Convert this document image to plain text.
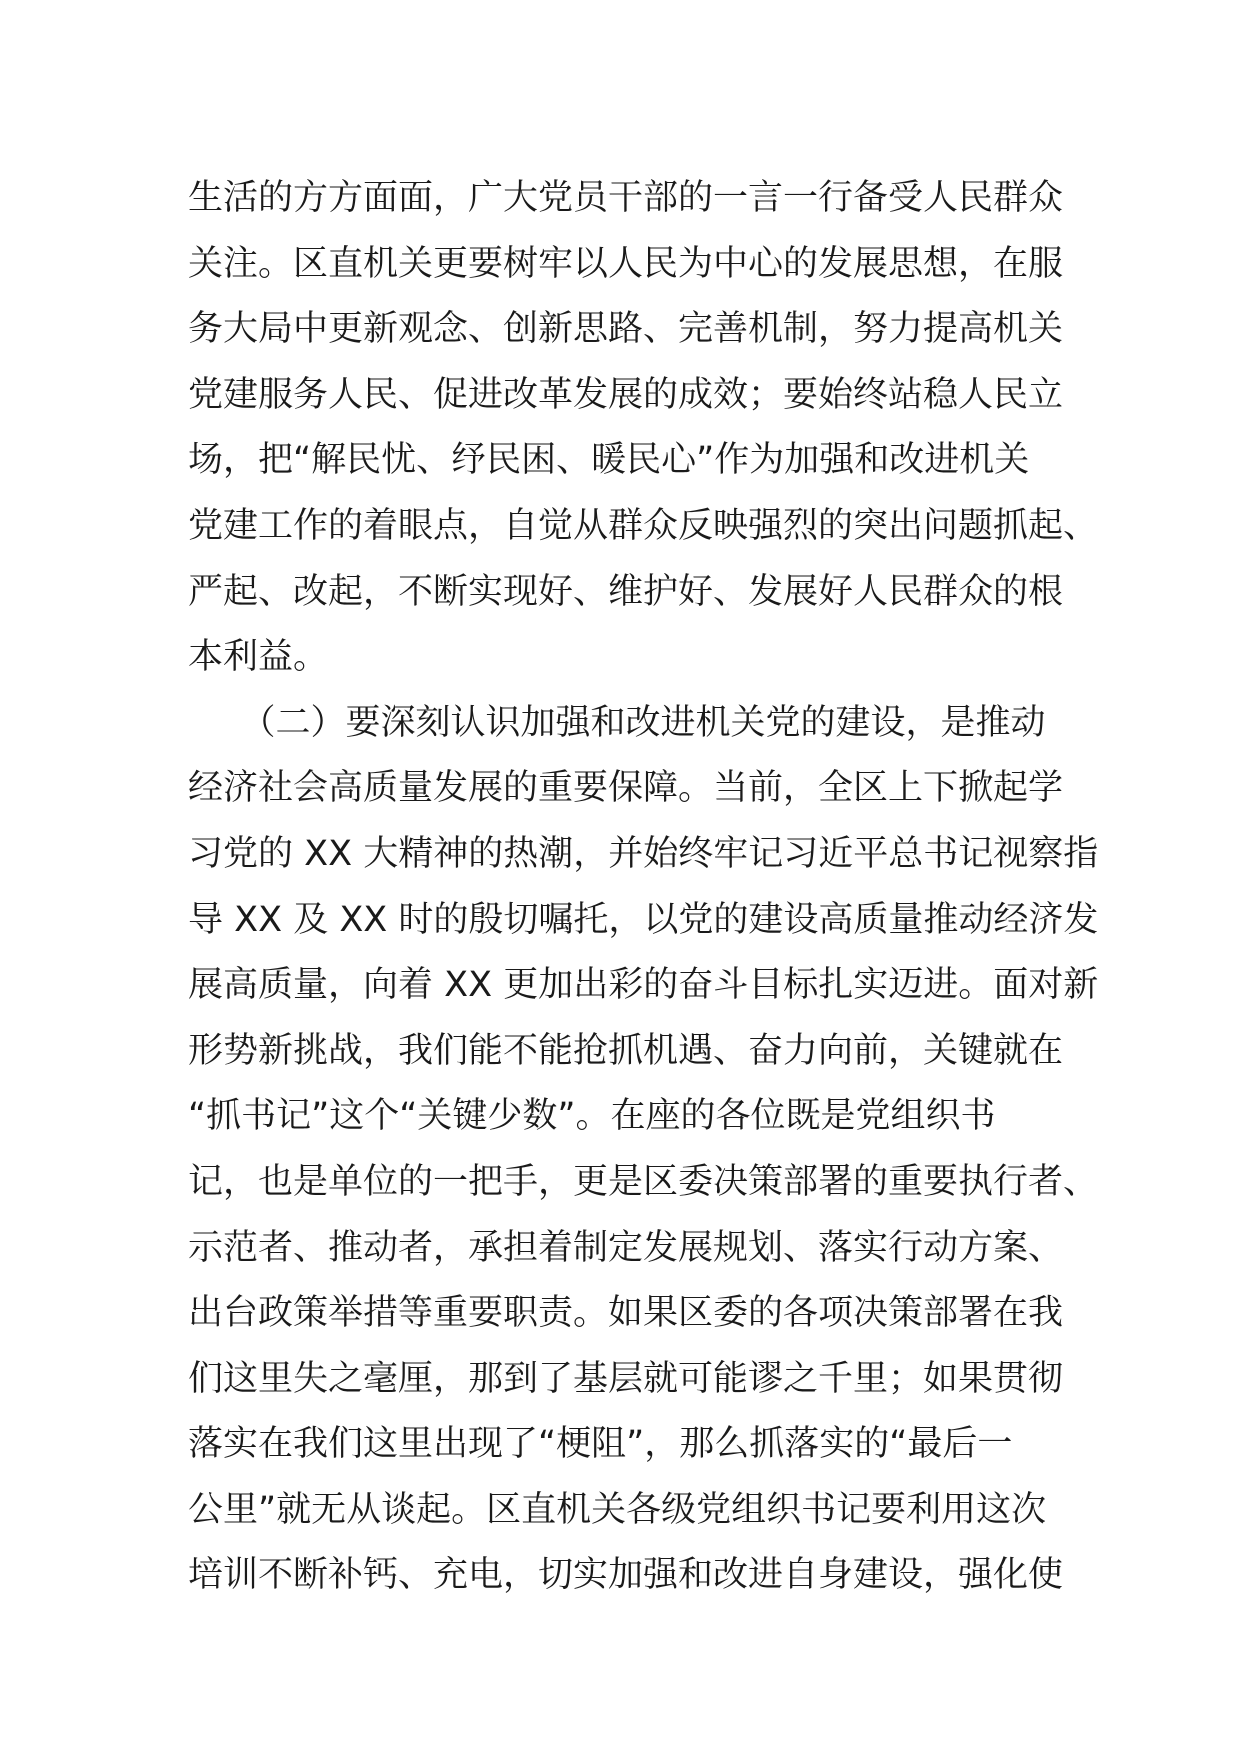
生活的方方面面，广大党员干部的一言一行备受人民群众
关注。区直机关更要树牢以人民为中心的发展思想，在服
务大局中更新观念、创新思路、完善机制，努力提高机关
党建服务人民、促进改革发展的成效；要始终站稳人民立
场，把“解民忧、纾民困、暖民心”作为加强和改进机关
党建工作的着眼点，自觉从群众反映强烈的突出问题抓起、
严起、改起，不断实现好、维护好、发展好人民群众的根
本利益。
　　（二）要深刻认识加强和改进机关党的建设，是推动
经济社会高质量发展的重要保障。当前，全区上下掀起学
习党的 XX 大精神的热潮，并始终牢记习近平总书记视察指
导 XX 及 XX 时的殷切嘱托，以党的建设高质量推动经济发
展高质量，向着 XX 更加出彩的奋斗目标扎实迈进。面对新
形势新挑战，我们能不能抢抓机遇、奋力向前，关键就在
“抓书记”这个“关键少数”。在座的各位既是党组织书
记，也是单位的一把手，更是区委决策部署的重要执行者、
示范者、推动者，承担着制定发展规划、落实行动方案、
出台政策举措等重要职责。如果区委的各项决策部署在我
们这里失之毫厘，那到了基层就可能谬之千里；如果贯彻
落实在我们这里出现了“梗阻”，那么抓落实的“最后一
公里”就无从谈起。区直机关各级党组织书记要利用这次
培训不断补钙、充电，切实加强和改进自身建设，强化使
